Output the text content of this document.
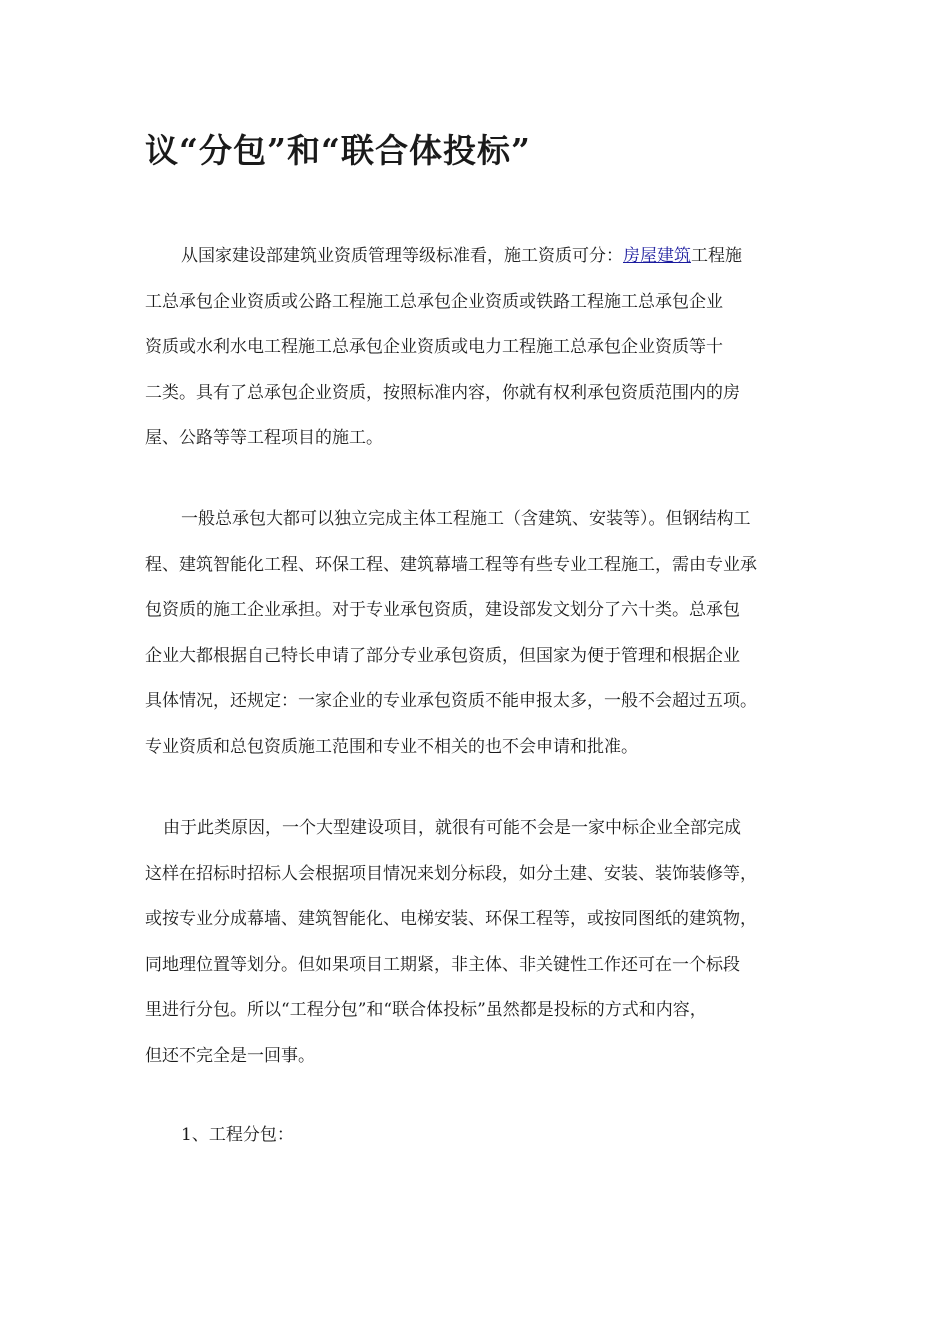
议“分包”和“联合体投标”
从国家建设部建筑业资质管理等级标准看，施工资质可分：房屋建筑工程施
工总承包企业资质或公路工程施工总承包企业资质或铁路工程施工总承包企业
资质或水利水电工程施工总承包企业资质或电力工程施工总承包企业资质等十
二类。具有了总承包企业资质，按照标准内容，你就有权利承包资质范围内的房
屋、公路等等工程项目的施工。
一般总承包大都可以独立完成主体工程施工（含建筑、安装等）。但钢结构工
程、建筑智能化工程、环保工程、建筑幕墙工程等有些专业工程施工，需由专业承
包资质的施工企业承担。对于专业承包资质，建设部发文划分了六十类。总承包
企业大都根据自己特长申请了部分专业承包资质，但国家为便于管理和根据企业
具体情况，还规定：一家企业的专业承包资质不能申报太多，一般不会超过五项。
专业资质和总包资质施工范围和专业不相关的也不会申请和批准。
由于此类原因，一个大型建设项目，就很有可能不会是一家中标企业全部完成
这样在招标时招标人会根据项目情况来划分标段，如分土建、安装、装饰装修等，
或按专业分成幕墙、建筑智能化、电梯安装、环保工程等，或按同图纸的建筑物，
同地理位置等划分。但如果项目工期紧，非主体、非关键性工作还可在一个标段
里进行分包。所以“工程分包”和“联合体投标”虽然都是投标的方式和内容，
但还不完全是一回事。

1、工程分包：
